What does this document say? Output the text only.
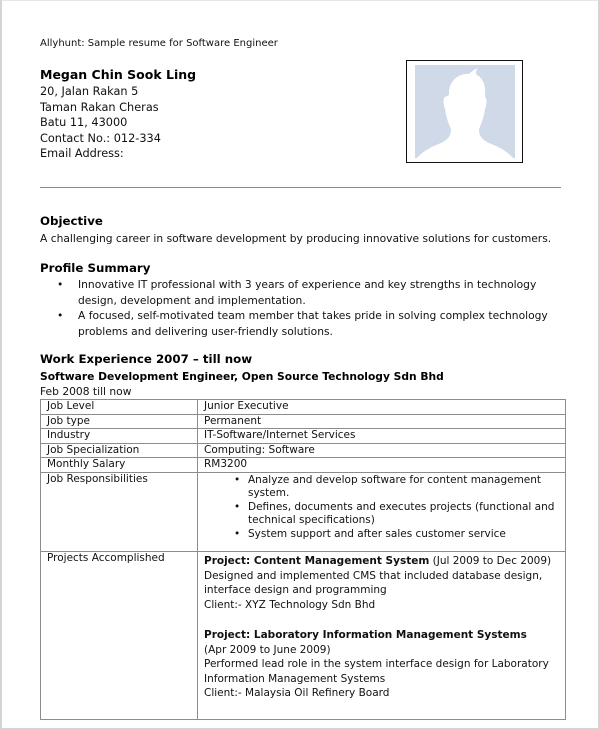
Allyhunt: Sample resume for Software Engineer
Megan Chin Sook Ling
20, Jalan Rakan 5
Taman Rakan Cheras
Batu 11, 43000
Contact No.: 012-334
Email Address:
Objective
A challenging career in software development by producing innovative solutions for customers.
Profile Summary
• Innovative IT professional with 3 years of experience and key strengths in technology design, development and implementation.
• A focused, self-motivated team member that takes pride in solving complex technology problems and delivering user-friendly solutions.
Work Experience 2007 – till now
Software Development Engineer, Open Source Technology Sdn Bhd
Feb 2008 till now
Job Level	Junior Executive
Job type	Permanent
Industry	IT-Software/Internet Services
Job Specialization	Computing: Software
Monthly Salary	RM3200
Job Responsibilities	• Analyze and develop software for content management system.
• Defines, documents and executes projects (functional and technical specifications)
• System support and after sales customer service

Projects Accomplished	Project: Content Management System (Jul 2009 to Dec 2009)
Designed and implemented CMS that included database design,
interface design and programming
Client:- XYZ Technology Sdn Bhd
Project: Laboratory Information Management Systems
(Apr 2009 to June 2009)
Performed lead role in the system interface design for Laboratory
Information Management Systems
Client:- Malaysia Oil Refinery Board
